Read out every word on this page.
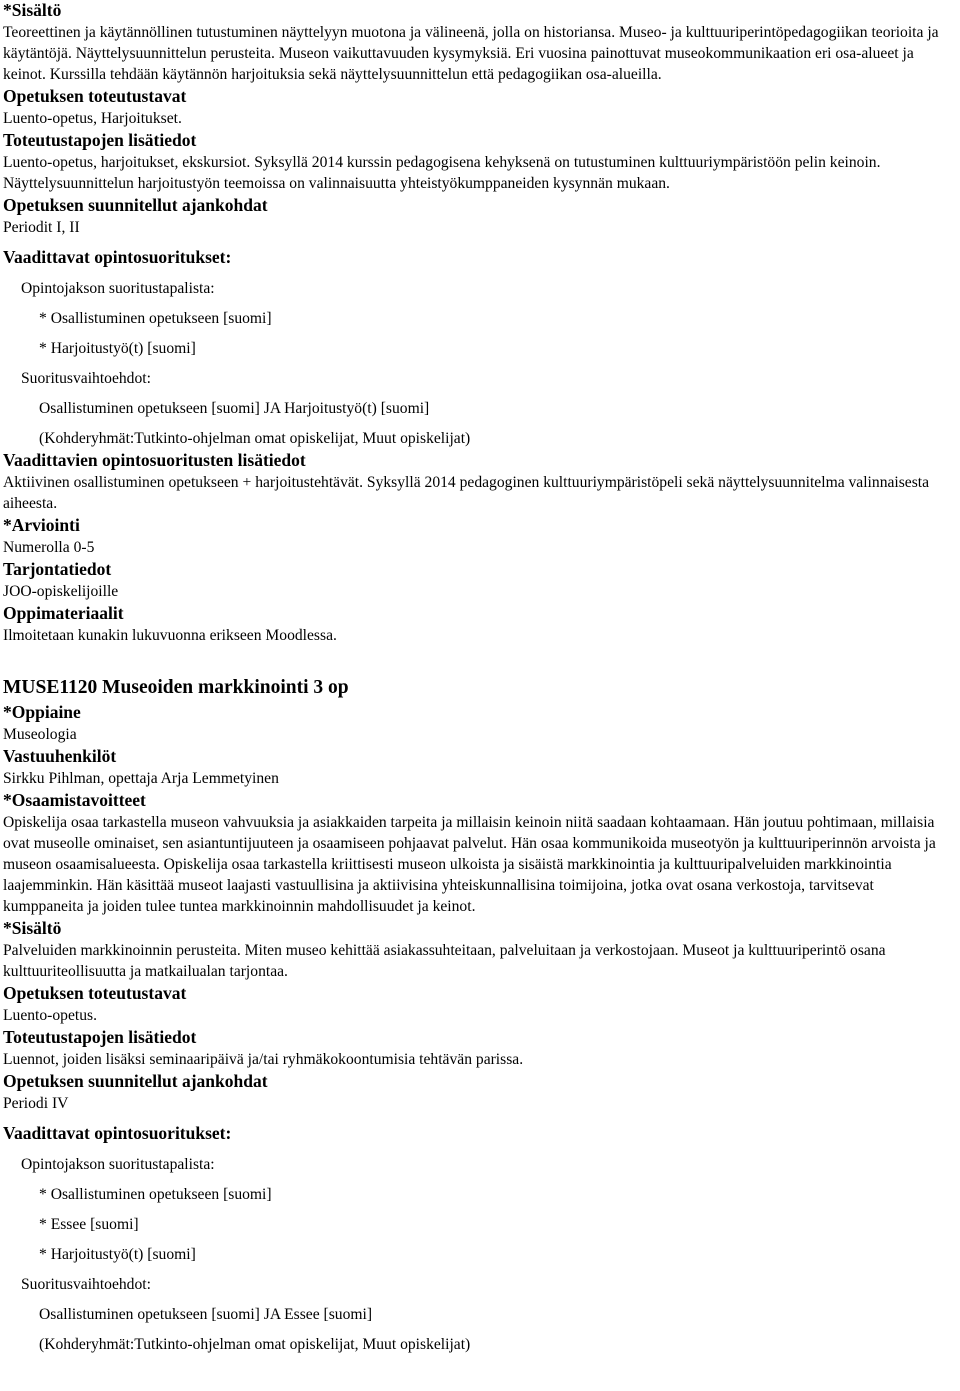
*Sisältö

Teoreettinen ja käytännöllinen tutustuminen näyttelyyn muotona ja välineenä, jolla on historiansa. Museo- ja kulttuuriperintöpedagogiikan teorioita ja käytäntöjä. Näyttelysuunnittelun perusteita. Museon vaikuttavuuden kysymyksiä. Eri vuosina painottuvat museokommunikaation eri osa-alueet ja keinot. Kurssilla tehdään käytännön harjoituksia sekä näyttelysuunnittelun että pedagogiikan osa-alueilla.

Opetuksen toteutustavat

Luento-opetus, Harjoitukset.

Toteutustapojen lisätiedot

Luento-opetus, harjoitukset, ekskursiot. Syksyllä 2014 kurssin pedagogisena kehyksenä on tutustuminen kulttuuriympäristöön pelin keinoin. Näyttelysuunnittelun harjoitustyön teemoissa on valinnaisuutta yhteistyökumppaneiden kysynnän mukaan.

Opetuksen suunnitellut ajankohdat

Periodit I, II

Vaadittavat opintosuoritukset:

Opintojakson suoritustapalista:

* Osallistuminen opetukseen [suomi]

* Harjoitustyö(t) [suomi]

Suoritusvaihtoehdot:

Osallistuminen opetukseen [suomi] JA Harjoitustyö(t) [suomi]

(Kohderyhmät:Tutkinto-ohjelman omat opiskelijat, Muut opiskelijat)

Vaadittavien opintosuoritusten lisätiedot

Aktiivinen osallistuminen opetukseen + harjoitustehtävät. Syksyllä 2014 pedagoginen kulttuuriympäristöpeli sekä näyttelysuunnitelma valinnaisesta aiheesta.

*Arviointi

Numerolla 0-5

Tarjontatiedot

JOO-opiskelijoille

Oppimateriaalit

Ilmoitetaan kunakin lukuvuonna erikseen Moodlessa.

MUSE1120 Museoiden markkinointi 3 op

*Oppiaine

Museologia

Vastuuhenkilöt

Sirkku Pihlman, opettaja Arja Lemmetyinen

*Osaamistavoitteet

Opiskelija osaa tarkastella museon vahvuuksia ja asiakkaiden tarpeita ja millaisin keinoin niitä saadaan kohtaamaan. Hän joutuu pohtimaan, millaisia ovat museolle ominaiset, sen asiantuntijuuteen ja osaamiseen pohjaavat palvelut. Hän osaa kommunikoida museotyön ja kulttuuriperinnön arvoista ja museon osaamisalueesta. Opiskelija osaa tarkastella kriittisesti museon ulkoista ja sisäistä markkinointia ja kulttuuripalveluiden markkinointia laajemminkin. Hän käsittää museot laajasti vastuullisina ja aktiivisina yhteiskunnallisina toimijoina, jotka ovat osana verkostoja, tarvitsevat kumppaneita ja joiden tulee tuntea markkinoinnin mahdollisuudet ja keinot.

*Sisältö

Palveluiden markkinoinnin perusteita. Miten museo kehittää asiakassuhteitaan, palveluitaan ja verkostojaan. Museot ja kulttuuriperintö osana kulttuuriteollisuutta ja matkailualan tarjontaa.

Opetuksen toteutustavat

Luento-opetus.

Toteutustapojen lisätiedot

Luennot, joiden lisäksi seminaaripäivä ja/tai ryhmäkokoontumisia tehtävän parissa.

Opetuksen suunnitellut ajankohdat

Periodi IV

Vaadittavat opintosuoritukset:

Opintojakson suoritustapalista:

* Osallistuminen opetukseen [suomi]

* Essee [suomi]

* Harjoitustyö(t) [suomi]

Suoritusvaihtoehdot:

Osallistuminen opetukseen [suomi] JA Essee [suomi]

(Kohderyhmät:Tutkinto-ohjelman omat opiskelijat, Muut opiskelijat)
